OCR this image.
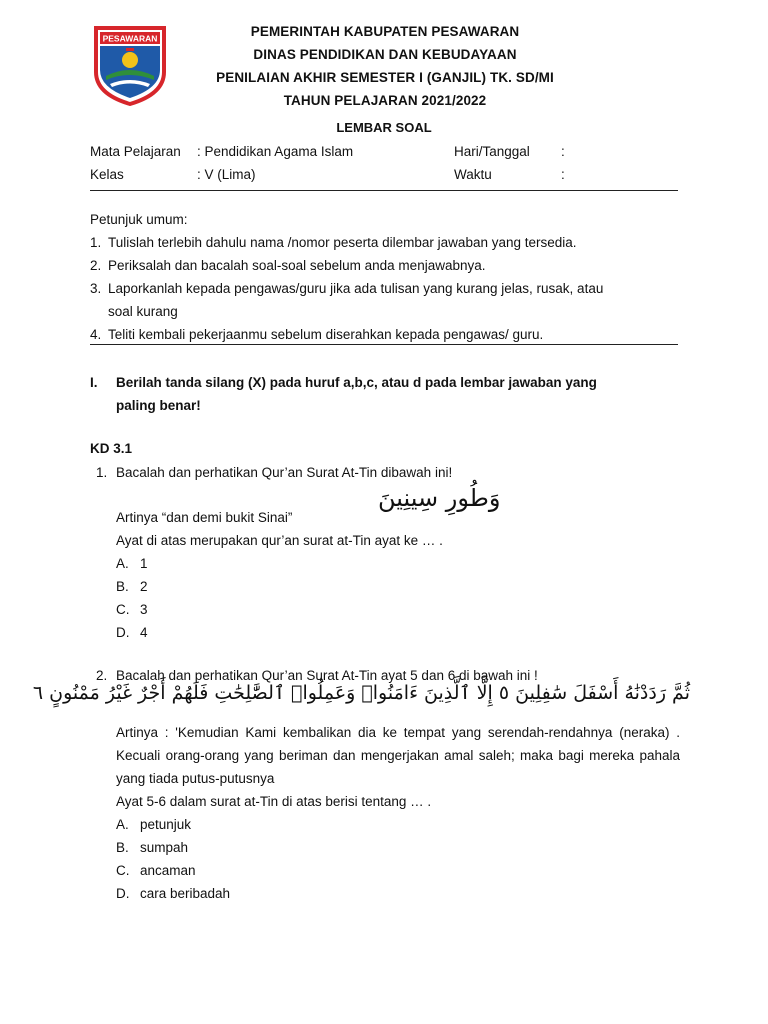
PESAWARAN	PEMERINTAH KABUPATEN PESAWARAN
DINAS PENDIDIKAN DAN KEBUDAYAAN
PENILAIAN AKHIR SEMESTER I (GANJIL) TK. SD/MI
TAHUN PELAJARAN 2021/2022
LEMBAR SOAL
Mata Pelajaran : Pendidikan Agama Islam	Hari/Tanggal :
Kelas	: V (Lima)	Waktu	:
Petunjuk umum:
1. Tulislah terlebih dahulu nama /nomor peserta dilembar jawaban yang tersedia.
2. Periksalah dan bacalah soal-soal sebelum anda menjawabnya.
3. Laporkanlah kepada pengawas/guru jika ada tulisan yang kurang jelas, rusak, atau
soal kurang
4. Teliti kembali pekerjaanmu sebelum diserahkan kepada pengawas/ guru.
I. Berilah tanda silang (X) pada huruf a,b,c, atau d pada lembar jawaban yang
paling benar!
KD 3.1
1. Bacalah dan perhatikan Qur’an Surat At-Tin dibawah ini!
وَطُورِ سِينِينَ
Artinya “dan demi bukit Sinai”
Ayat di atas merupakan qur’an surat at-Tin ayat ke … .
A. 1
B. 2
C. 3
D. 4
2. Bacalah dan perhatikan Qur’an Surat At-Tin ayat 5 dan 6 di bawah ini !
ثُمَّ رَدَدْنَٰهُ أَسْفَلَ سَٰفِلِينَ ٥ إِلَّا ٱلَّذِينَ ءَامَنُوا۟ وَعَمِلُوا۟ ٱلصَّٰلِحَٰتِ فَلَهُمْ أَجْرٌ غَيْرُ مَمْنُونٍ ٦
Artinya : 'Kemudian Kami kembalikan dia ke tempat yang serendah-rendahnya (neraka) . Kecuali orang-orang yang beriman dan mengerjakan amal saleh; maka bagi mereka pahala yang tiada putus-putusnya
Ayat 5-6 dalam surat at-Tin di atas berisi tentang … .
A. petunjuk
B. sumpah
C. ancaman
D. cara beribadah
